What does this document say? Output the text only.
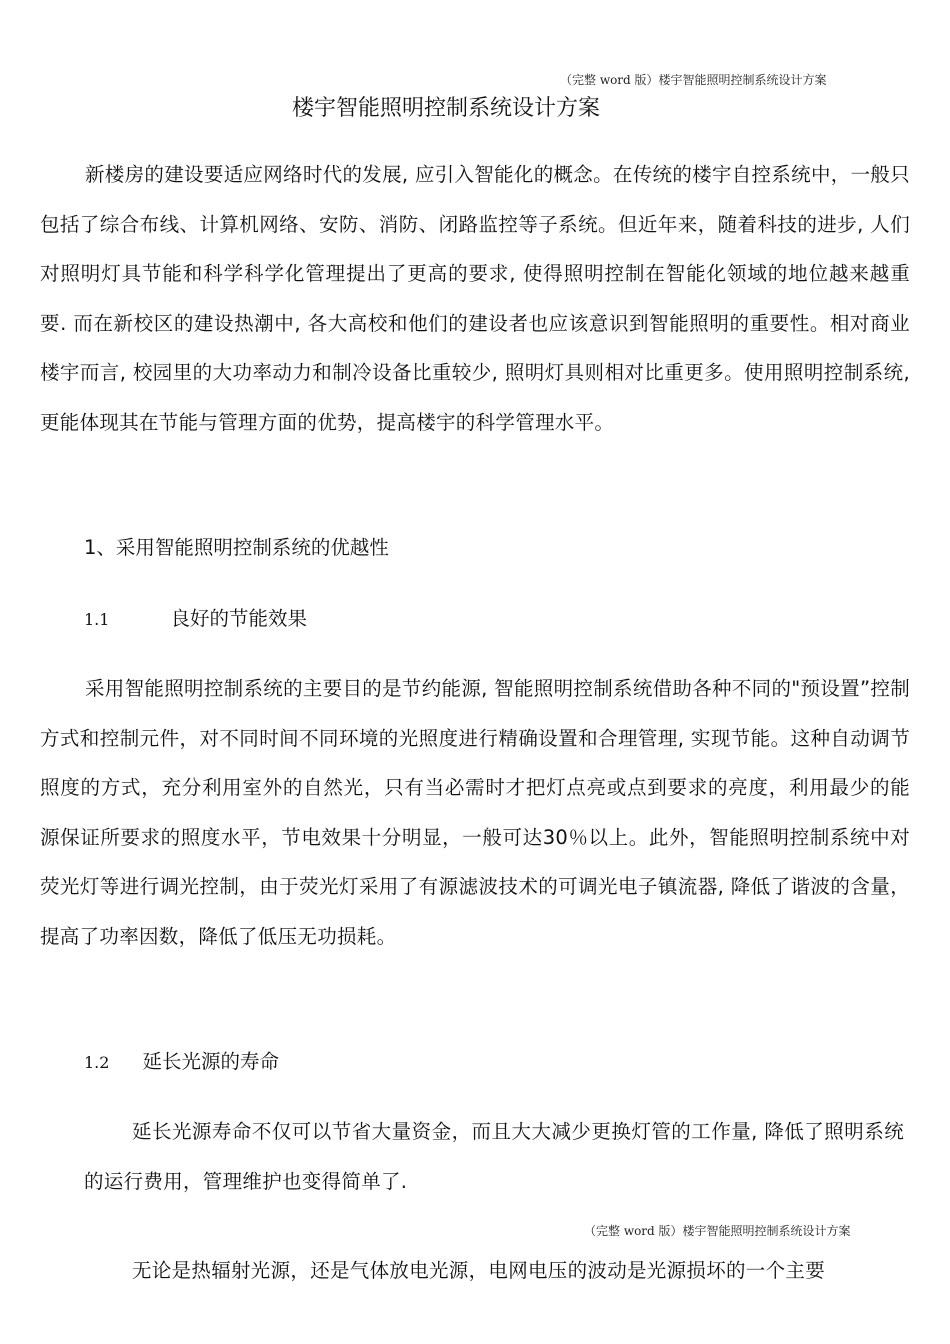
（完整 word 版）楼宇智能照明控制系统设计方案
楼宇智能照明控制系统设计方案
新楼房的建设要适应网络时代的发展, 应引入智能化的概念。在传统的楼宇自控系统中，一般只包括了综合布线、计算机网络、安防、消防、闭路监控等子系统。但近年来，随着科技的进步, 人们对照明灯具节能和科学科学化管理提出了更高的要求, 使得照明控制在智能化领域的地位越来越重要. 而在新校区的建设热潮中, 各大高校和他们的建设者也应该意识到智能照明的重要性。相对商业楼宇而言, 校园里的大功率动力和制冷设备比重较少, 照明灯具则相对比重更多。使用照明控制系统, 更能体现其在节能与管理方面的优势，提高楼宇的科学管理水平。
1、采用智能照明控制系统的优越性
1.1	良好的节能效果
采用智能照明控制系统的主要目的是节约能源, 智能照明控制系统借助各种不同的"预设置”控制方式和控制元件，对不同时间不同环境的光照度进行精确设置和合理管理, 实现节能。这种自动调节照度的方式，充分利用室外的自然光，只有当必需时才把灯点亮或点到要求的亮度，利用最少的能源保证所要求的照度水平，节电效果十分明显，一般可达30％以上。此外，智能照明控制系统中对荧光灯等进行调光控制，由于荧光灯采用了有源滤波技术的可调光电子镇流器, 降低了谐波的含量，提高了功率因数，降低了低压无功损耗。
1.2 延长光源的寿命
延长光源寿命不仅可以节省大量资金，而且大大减少更换灯管的工作量, 降低了照明系统的运行费用，管理维护也变得简单了.
（完整 word 版）楼宇智能照明控制系统设计方案
无论是热辐射光源，还是气体放电光源，电网电压的波动是光源损坏的一个主要
